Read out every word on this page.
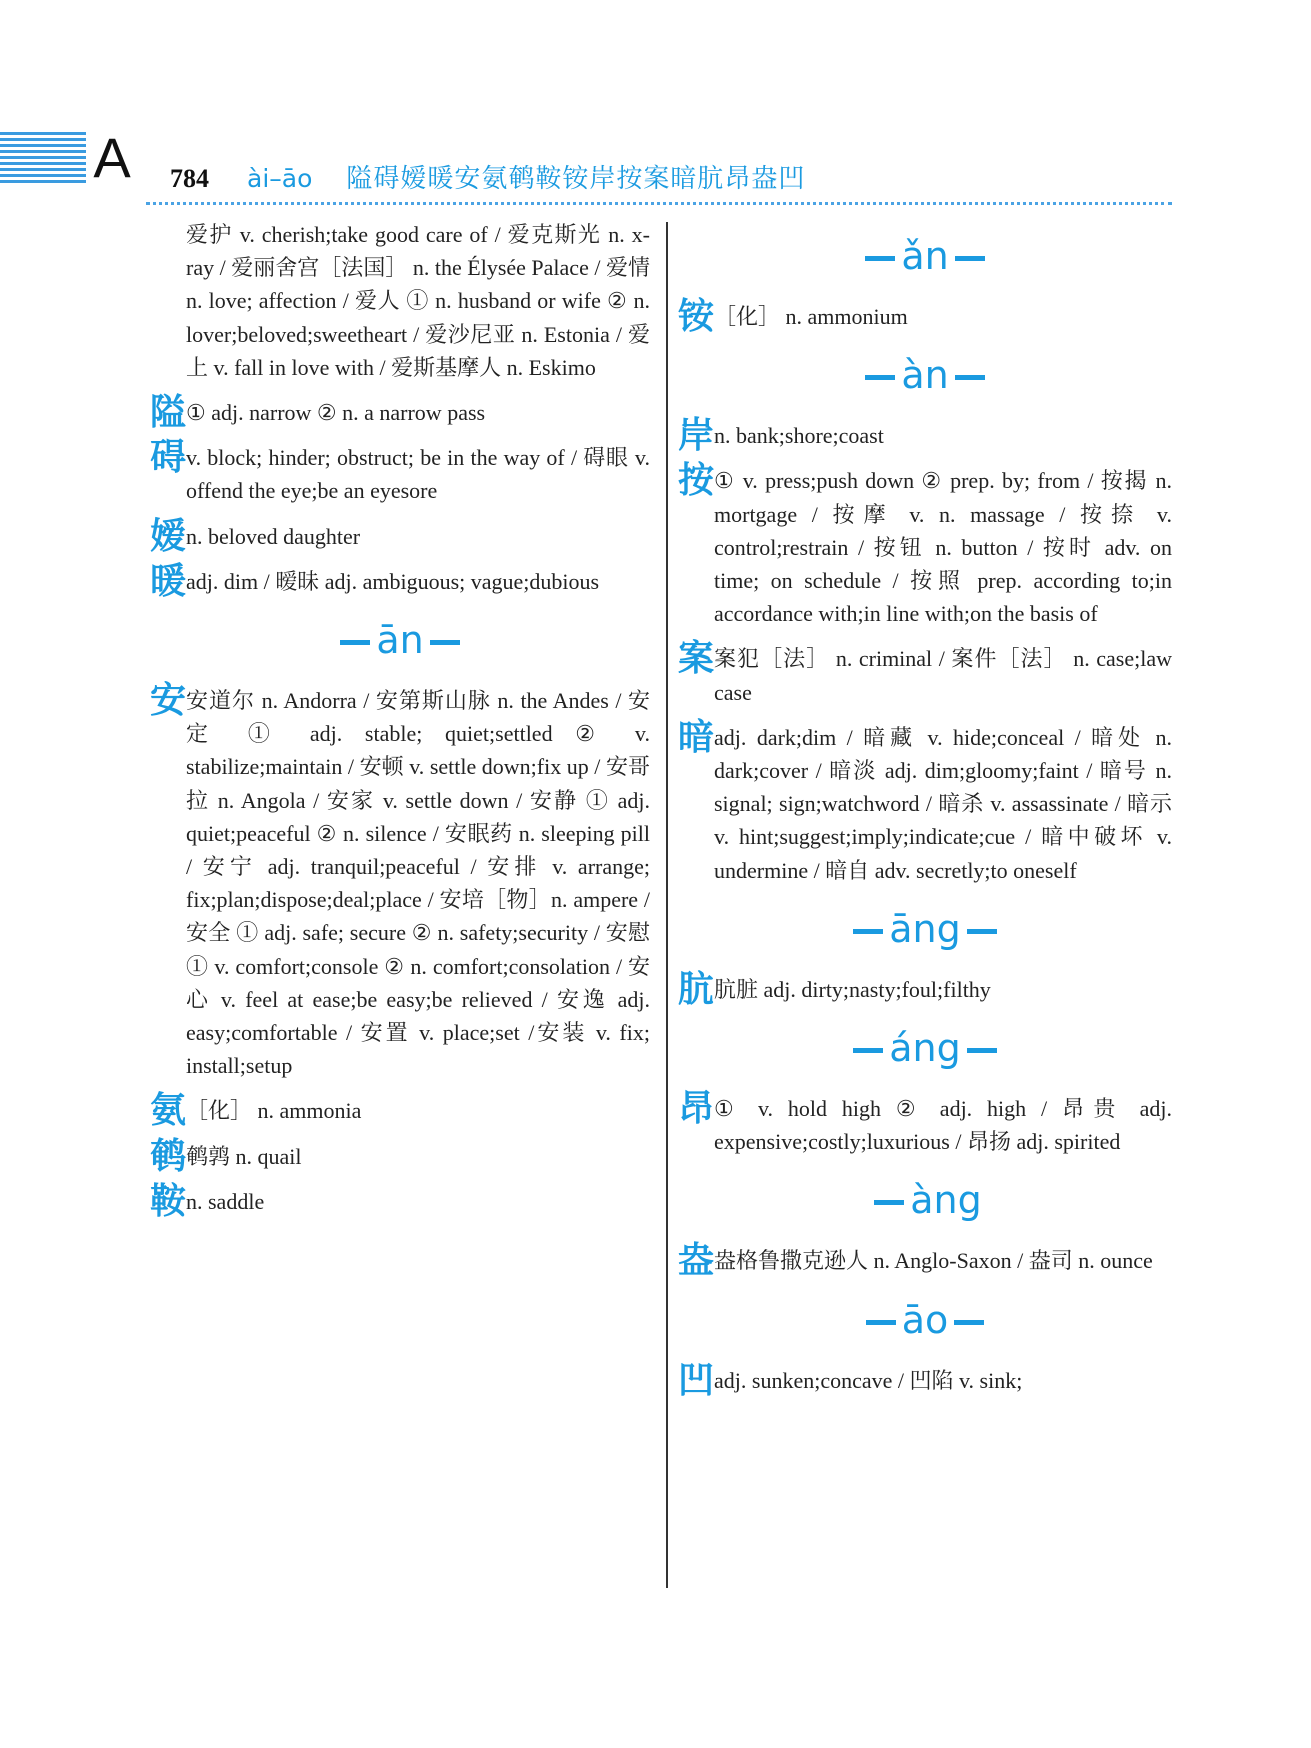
A 784 ài–āo 隘碍嫒暖安氨鹌鞍铵岸按案暗肮昂盎凹
爱护 v. cherish;take good care of / 爱克斯光 n. x-ray / 爱丽舍宫［法国］ n. the Élysée Palace / 爱情 n. love; affection / 爱人 ① n. husband or wife ② n. lover;beloved;sweetheart / 爱沙尼亚 n. Estonia / 爱上 v. fall in love with / 爱斯基摩人 n. Eskimo
隘 ① adj. narrow ② n. a narrow pass
碍 v. block; hinder; obstruct; be in the way of / 碍眼 v. offend the eye;be an eyesore
嫒 n. beloved daughter
暖 adj. dim / 暧昧 adj. ambiguous; vague;dubious
ān
安 安道尔 n. Andorra / 安第斯山脉 n. the Andes / 安定 ① adj. stable; quiet;settled ② v. stabilize;maintain / 安顿 v. settle down;fix up / 安哥拉 n. Angola / 安家 v. settle down / 安静 ① adj. quiet;peaceful ② n. silence / 安眠药 n. sleeping pill / 安宁 adj. tranquil;peaceful / 安排 v. arrange; fix;plan;dispose;deal;place / 安培［物］n. ampere / 安全 ① adj. safe; secure ② n. safety;security / 安慰 ① v. comfort;console ② n. comfort;consolation / 安心 v. feel at ease;be easy;be relieved / 安逸 adj. easy;comfortable / 安置 v. place;set /安装 v. fix; install;setup
氨 ［化］ n. ammonia
鹌 鹌鹑 n. quail
鞍 n. saddle
ǎn
铵 ［化］ n. ammonium
àn
岸 n. bank;shore;coast
按 ① v. press;push down ② prep. by; from / 按揭 n. mortgage / 按摩 v. n. massage / 按捺 v. control;restrain / 按钮 n. button / 按时 adv. on time; on schedule / 按照 prep. according to;in accordance with;in line with;on the basis of
案 案犯［法］ n. criminal / 案件［法］ n. case;law case
暗 adj. dark;dim / 暗藏 v. hide;conceal / 暗处 n. dark;cover / 暗淡 adj. dim;gloomy;faint / 暗号 n. signal; sign;watchword / 暗杀 v. assassinate / 暗示 v. hint;suggest;imply;indicate;cue / 暗中破坏 v. undermine / 暗自 adv. secretly;to oneself
āng
肮 肮脏 adj. dirty;nasty;foul;filthy
áng
昂 ① v. hold high ② adj. high / 昂贵 adj. expensive;costly;luxurious / 昂扬 adj. spirited
àng
盎 盎格鲁撒克逊人 n. Anglo-Saxon / 盎司 n. ounce
āo
凹 adj. sunken;concave / 凹陷 v. sink;
